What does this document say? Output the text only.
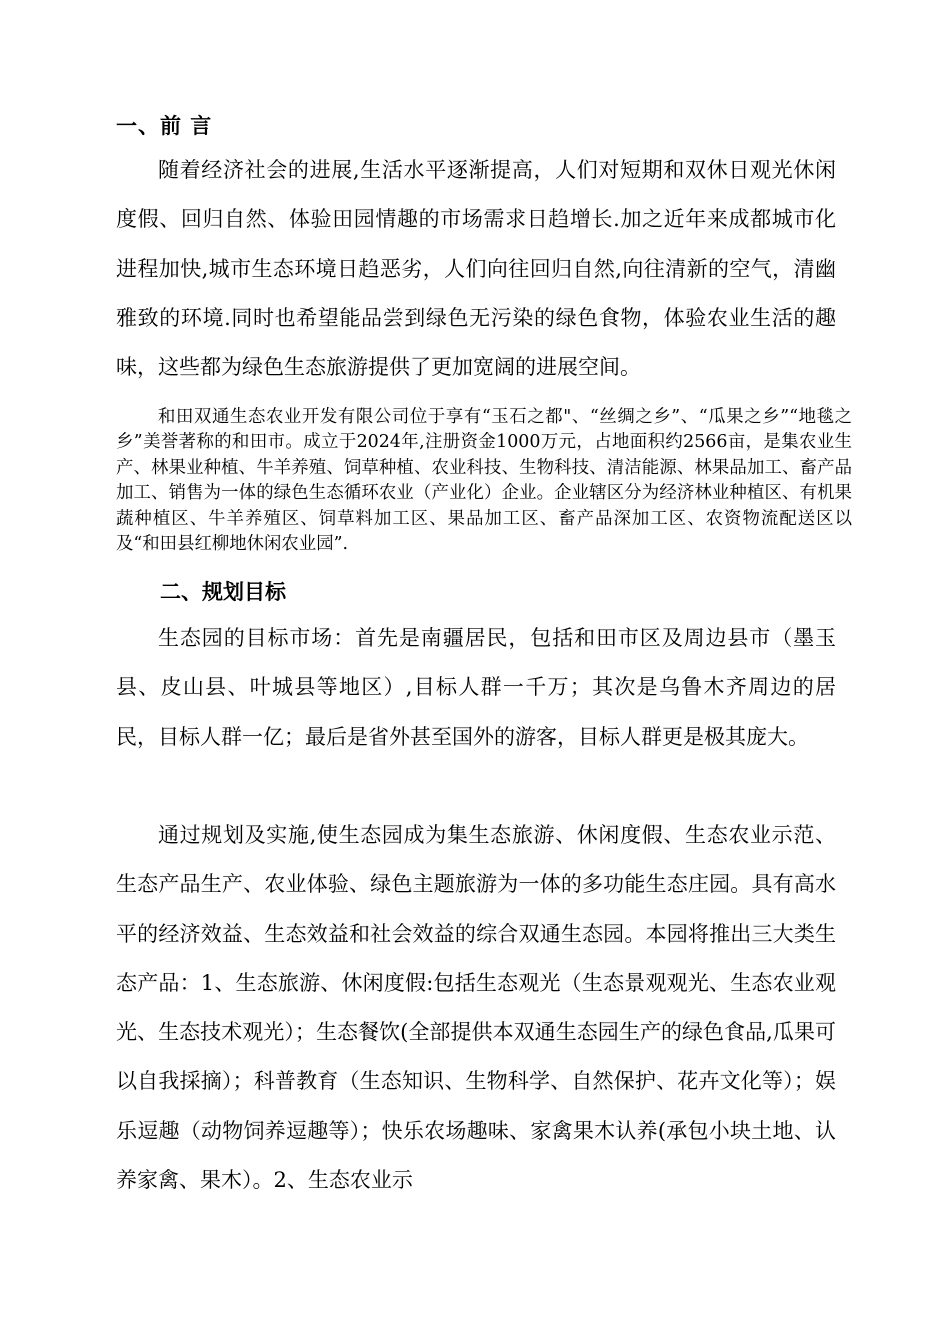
一、前 言

随着经济社会的进展,生活水平逐渐提高，人们对短期和双休日观光休闲度假、回归自然、体验田园情趣的市场需求日趋增长.加之近年来成都城市化进程加快,城市生态环境日趋恶劣，人们向往回归自然,向往清新的空气，清幽雅致的环境.同时也希望能品尝到绿色无污染的绿色食物，体验农业生活的趣味，这些都为绿色生态旅游提供了更加宽阔的进展空间。

和田双通生态农业开发有限公司位于享有“玉石之都"、“丝绸之乡”、“瓜果之乡”“地毯之乡”美誉著称的和田市。成立于2024年,注册资金1000万元，占地面积约2566亩，是集农业生产、林果业种植、牛羊养殖、饲草种植、农业科技、生物科技、清洁能源、林果品加工、畜产品加工、销售为一体的绿色生态循环农业（产业化）企业。企业辖区分为经济林业种植区、有机果蔬种植区、牛羊养殖区、饲草料加工区、果品加工区、畜产品深加工区、农资物流配送区以及“和田县红柳地休闲农业园”.

二、规划目标

生态园的目标市场：首先是南疆居民，包括和田市区及周边县市（墨玉县、皮山县、叶城县等地区）,目标人群一千万；其次是乌鲁木齐周边的居民，目标人群一亿；最后是省外甚至国外的游客，目标人群更是极其庞大。

通过规划及实施,使生态园成为集生态旅游、休闲度假、生态农业示范、生态产品生产、农业体验、绿色主题旅游为一体的多功能生态庄园。具有高水平的经济效益、生态效益和社会效益的综合双通生态园。本园将推出三大类生态产品：1、生态旅游、休闲度假:包括生态观光（生态景观观光、生态农业观光、生态技术观光）；生态餐饮(全部提供本双通生态园生产的绿色食品,瓜果可以自我採摘）；科普教育（生态知识、生物科学、自然保护、花卉文化等）；娱乐逗趣（动物饲养逗趣等）；快乐农场趣味、家禽果木认养(承包小块土地、认养家禽、果木）。2、生态农业示
